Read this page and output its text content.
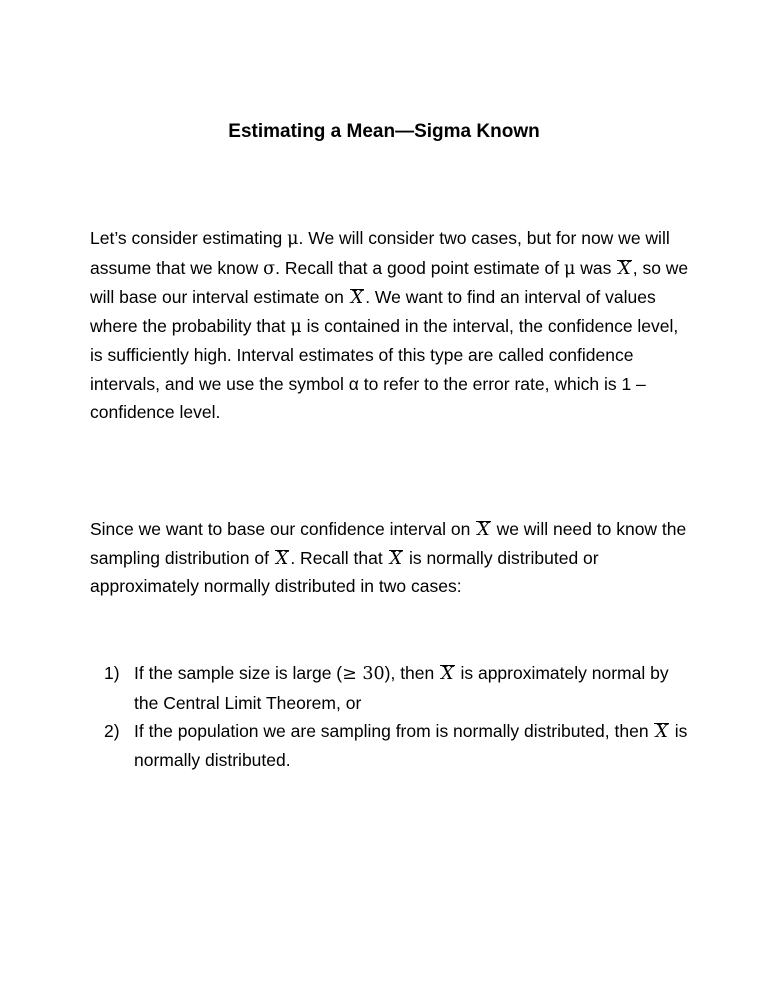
Estimating a Mean—Sigma Known
Let’s consider estimating μ. We will consider two cases, but for now we will assume that we know σ. Recall that a good point estimate of μ was X , so we will base our interval estimate on X . We want to find an interval of values where the probability that μ is contained in the interval, the confidence level, is sufficiently high. Interval estimates of this type are called confidence intervals, and we use the symbol α to refer to the error rate, which is 1 – confidence level.
Since we want to base our confidence interval on X we will need to know the sampling distribution of X . Recall that X is normally distributed or approximately normally distributed in two cases:
1) If the sample size is large (≥ 30), then X is approximately normal by the Central Limit Theorem, or
2) If the population we are sampling from is normally distributed, then X is normally distributed.
